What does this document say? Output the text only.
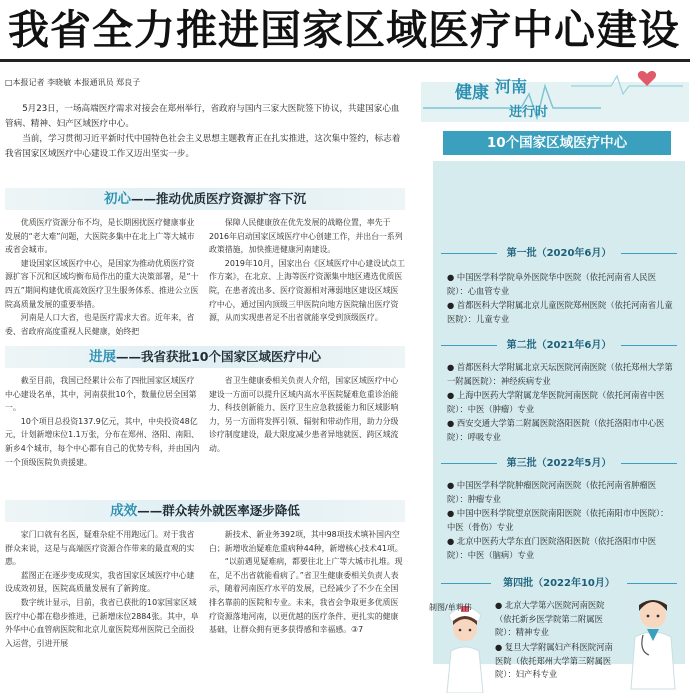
我省全力推进国家区域医疗中心建设
□本报记者 李晓敏 本报通讯员 郑良子
5月23日，一场高端医疗需求对接会在郑州举行，省政府与国内三家大医院签下协议，共建国家心血管病、精神、妇产区域医疗中心。
当前，学习贯彻习近平新时代中国特色社会主义思想主题教育正在扎实推进，这次集中签约，标志着我省国家区域医疗中心建设工作又迈出坚实一步。
初心——推动优质医疗资源扩容下沉

优质医疗资源分布不均，是长期困扰医疗健康事业发展的“老大难”问题，大医院多集中在北上广等大城市或省会城市。

建设国家区域医疗中心，是国家为推动优质医疗资源扩容下沉和区域均衡布局作出的重大决策部署，是“十四五”期间构建优质高效医疗卫生服务体系、推进公立医院高质量发展的重要举措。

河南是人口大省，也是医疗需求大省。近年来，省委、省政府高度重视人民健康，始终把

保障人民健康放在优先发展的战略位置，率先于2016年启动国家区域医疗中心创建工作，并出台一系列政策措施，加快推进健康河南建设。

2019年10月，国家出台《区域医疗中心建设试点工作方案》，在北京、上海等医疗资源集中地区遴选优质医院，在患者流出多、医疗资源相对薄弱地区建设区域医疗中心，通过国内顶级三甲医院向地方医院输出医疗资源，从而实现患者足不出省就能享受到顶级医疗。

进展——我省获批10个国家区域医疗中心

截至目前，我国已经累计公布了四批国家区域医疗中心建设名单，其中，河南获批10个，数量位居全国第一。

10个项目总投资137.9亿元，其中，中央投资48亿元，计划新增床位1.1万张，分布在郑州、洛阳、南阳、新乡4个城市，每个中心都有自己的优势专科，并由国内一个顶级医院负责援建。

省卫生健康委相关负责人介绍，国家区域医疗中心建设一方面可以提升区域内高水平医院疑难危重诊治能力、科技创新能力、医疗卫生应急救援能力和区域影响力，另一方面将发挥引领、辐射和带动作用，助力分级诊疗制度建设，最大限度减少患者异地就医、跨区域流动。

成效——群众转外就医率逐步降低

家门口就有名医，疑难杂症不用跑远门。对于我省群众来说，这是与高端医疗资源合作带来的最直观的实惠。

蓝图正在逐步变成现实，我省国家区域医疗中心建设成效初显，医院高质量发展有了新跨度。

数字统计显示，目前，我省已获批的10家国家区域医疗中心都在稳步推进，已新增床位2884张。其中，阜外华中心血管病医院和北京儿童医院郑州医院已全面投入运营，引进开展

新技术、新业务392项，其中98项技术填补国内空白；新增收治疑难危重病种44种，新增核心技术41项。

“以前遇见疑难病，都要往北上广等大城市扎堆。现在，足不出省就能看病了。”省卫生健康委相关负责人表示，随着河南医疗水平的发展，已经减少了不少在全国排名靠前的医院和专业。未来，我省会争取更多优质医疗资源落地河南，以更优越的医疗条件、更扎实的健康基础，让群众拥有更多获得感和幸福感。③7

健康 河南
进行时
10个国家区域医疗中心
第一批（2020年6月）
● 中国医学科学院阜外医院华中医院（依托河南省人民医院）：心血管专业
● 首都医科大学附属北京儿童医院郑州医院（依托河南省儿童医院）：儿童专业
第二批（2021年6月）
● 首都医科大学附属北京天坛医院河南医院（依托郑州大学第一附属医院）：神经疾病专业
● 上海中医药大学附属龙华医院河南医院（依托河南省中医院）：中医（肿瘤）专业
● 西安交通大学第二附属医院洛阳医院（依托洛阳市中心医院）：呼吸专业
第三批（2022年5月）
● 中国医学科学院肿瘤医院河南医院（依托河南省肿瘤医院）：肿瘤专业
● 中国中医科学院望京医院南阳医院（依托南阳市中医院）：中医（骨伤）专业
● 北京中医药大学东直门医院洛阳医院（依托洛阳市中医院）：中医（脑病）专业
第四批（2022年10月）
● 北京大学第六医院河南医院（依托新乡医学院第二附属医院）：精神专业
● 复旦大学附属妇产科医院河南医院（依托郑州大学第三附属医院）：妇产科专业
制图/单莉伟
